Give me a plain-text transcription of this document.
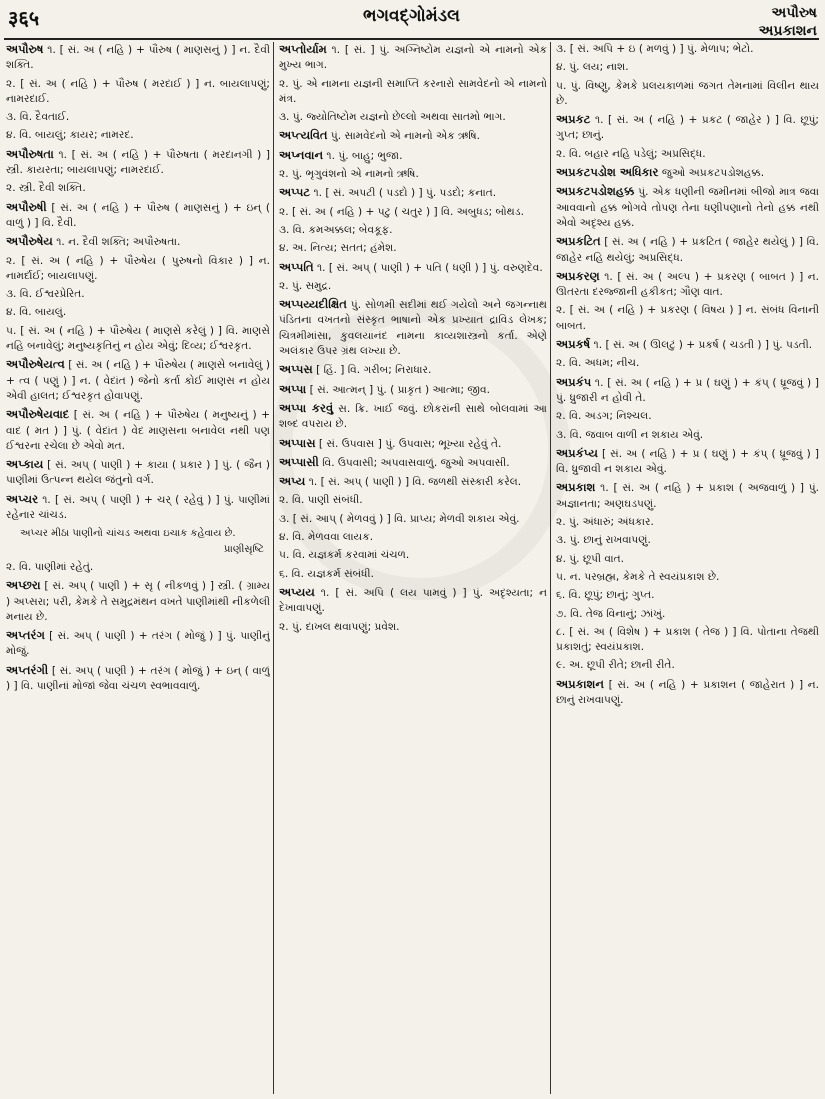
३६५	ભગવદ્ગોમંડલ	અપૌરુષ
અપ્રકાશન

અપૌરુષ ૧. [ સં. અ ( નહિ ) + પૌરુષ ( માણસનું ) ] ન. દૈવી શક્તિ.

૨. [ સં. અ ( નહિ ) + પૌરુષ ( મરદાઈ ) ] ન. બાયલાપણું; નામરદાઈ.

૩. વિ. દૈવતાઈ.

૪. વિ. બાયલું; કાયર; નામરદ.

અપૌરુષતા ૧. [ સં. અ ( નહિ ) + પૌરુષતા ( મરદાનગી ) ] સ્ત્રી. કાયરતા; બાયલાપણું; નામરદાઈ.

૨. સ્ત્રી. દૈવી શક્તિ.

અપૌરુષી [ સં. અ ( નહિ ) + પૌરુષ ( માણસનું ) + ઇન્ ( વાળું ) ] વિ. દૈવી.

અપૌરુષેય ૧. ન. દૈવી શક્તિ; અપૌરુષતા.

૨. [ સં. અ ( નહિ ) + પૌરુષેય ( પુરુષનો વિકાર ) ] ન. નામર્દાઈ; બાયલાપણું.

૩. વિ. ઈશ્વરપ્રેરિત.

૪. વિ. બાયલું.

૫. [ સં. અ ( નહિ ) + પૌરુષેય ( માણસે કરેલું ) ] વિ. માણસે નહિ બનાવેલું; મનુષ્યકૃતિનું ન હોય એવું; દિવ્ય; ઈશ્વરકૃત.

અપૌરુષેયત્વ [ સં. અ ( નહિ ) + પૌરુષેય ( માણસે બનાવેલું ) + ત્વ ( પણું ) ] ન. ( વેદાંત ) જેનો કર્તા કોઈ માણસ ન હોય એવી હાલત; ઈશ્વરકૃત હોવાપણું.

અપૌરુષેયવાદ [ સં. અ ( નહિ ) + પૌરુષેય ( મનુષ્યનું ) + વાદ ( મત ) ] પું. ( વેદાંત ) વેદ માણસના બનાવેલ નથી પણ ઈશ્વરના રચેલા છે એવો મત.

અપ્કાય [ સં. અપ્ ( પાણી ) + કાયા ( પ્રકાર ) ] પું. ( જૈન ) પાણીમાં ઉત્પન્ન થયેલ જંતુનો વર્ગ.

અપ્ચર ૧. [ સં. અપ્ ( પાણી ) + ચર્ ( રહેવું ) ] પું. પાણીમાં રહેનાર ચાંચડ.

અપ્ચર મીઠા પાણીનો ચાંચડ અથવા ઇચાક કહેવાય છે.
પ્રાણીસૃષ્ટિ

૨. વિ. પાણીમાં રહેતું.

અપ્છરા [ સં. અપ્ ( પાણી ) + સૃ ( નીકળવું ) ] સ્ત્રી. ( ગ્રામ્ય ) અપ્સરા; પરી, કેમકે તે સમુદ્રમંથન વખતે પાણીમાંથી નીકળેલી મનાય છે.

અપ્તરંગ [ સં. અપ્ ( પાણી ) + તરંગ ( મોજું ) ] પું. પાણીનું મોજું.

અપ્તરંગી [ સં. અપ્ ( પાણી ) + તરંગ ( મોજું ) + ઇન્ ( વાળું ) ] વિ. પાણીનાં મોજાં જેવા ચંચળ સ્વભાવવાળું.

અપ્તોર્યામ ૧. [ સં. ] પું. અગ્નિષ્ટોમ યજ્ઞનો એ નામનો એક મુખ્ય ભાગ.

૨. પું. એ નામના યજ્ઞની સમાપ્તિ કરનારો સામવેદનો એ નામનો મંત્ર.

૩. પું. જ્યોતિષ્ટોમ યજ્ઞનો છેલ્લો અથવા સાતમો ભાગ.

અપ્ત્યવિત પું. સામવેદનો એ નામનો એક ઋષિ.

અપ્નવાન ૧. પું. બાહુ; ભુજા.

૨. પું. ભૃગુવંશનો એ નામનો ઋષિ.

અપ્પટ ૧. [ સં. અપટી ( પડદો ) ] પું. પડદો; કનાત.

૨. [ સં. અ ( નહિ ) + પટુ ( ચતુર ) ] વિ. અબુધડ; બોથડ.

૩. વિ. કમઅક્કલ; બેવકૂફ.

૪. અ. નિત્ય; સતત; હંમેશ.

અપ્પતિ ૧. [ સં. અપ્ ( પાણી ) + પતિ ( ધણી ) ] પું. વરુણદેવ.

૨. પું. સમુદ્ર.

અપ્પય્યદીક્ષિત પું. સોળમી સદીમાં થઈ ગયેલો અને જગન્નાથ પંડિતના વખતનો સંસ્કૃત ભાષાનો એક પ્રખ્યાત દ્રાવિડ લેખક; ચિત્રમીમાંસા, કુવલયાનંદ નામના કાવ્યશાસ્ત્રનો કર્તા. એણે અલંકાર ઉપર ગ્રંથ લખ્યા છે.

અપ્પસ [ હિં. ] વિ. ગરીબ; નિરાધાર.

અપ્પા [ સં. આત્મન્ ] પું. ( પ્રાકૃત ) આત્મા; જીવ.

અપ્પા કરવું સ. ક્રિ. ખાઈ જવું. છોકરાંની સાથે બોલવામાં આ શબ્દ વપરાય છે.

અપ્પાસ [ સં. ઉપવાસ ] પું. ઉપવાસ; ભૂખ્યા રહેવું તે.

અપ્પાસી વિ. ઉપવાસી; અપવાસવાળું. જુઓ અપવાસી.

અપ્ય ૧. [ સં. અપ્ ( પાણી ) ] વિ. જળથી સંસ્કારી કરેલ.

૨. વિ. પાણી સંબંધી.

૩. [ સં. આપ્ ( મેળવવું ) ] વિ. પ્રાપ્ય; મેળવી શકાય એવું.

૪. વિ. મેળવવા લાયક.

૫. વિ. યજ્ઞકર્મ કરવામાં ચંચળ.

૬. વિ. યજ્ઞકર્મ સંબંધી.

અપ્યય ૧. [ સં. અપિ ( લય પામવું ) ] પું. અદૃશ્યતા; ન દેખાવાપણું.

૨. પું. દાખલ થવાપણું; પ્રવેશ.

૩. [ સં. અપિ + ઇ ( મળવું ) ] પું. મેળાપ; ભેટો.

૪. પું. લય; નાશ.

૫. પું. વિષ્ણુ, કેમકે પ્રલયકાળમાં જગત તેમનામાં વિલીન થાય છે.

અપ્રકટ ૧. [ સં. અ ( નહિ ) + પ્રકટ ( જાહેર ) ] વિ. છૂપું; ગુપ્ત; છાનું.

૨. વિ. બહાર નહિ પડેલું; અપ્રસિદ્ધ.

અપ્રકટપડોશ અધિકાર જુઓ અપ્રકટપડોશહક્ક.

અપ્રકટપડોશહક્ક પું. એક ધણીની જમીનમાં બીજો માત્ર જવા આવવાનો હક્ક ભોગવે તોપણ તેના ધણીપણાનો તેનો હક્ક નથી એવો અદૃશ્ય હક્ક.

અપ્રકટિત [ સં. અ ( નહિ ) + પ્રકટિત ( જાહેર થયેલું ) ] વિ. જાહેર નહિ થયેલું; અપ્રસિદ્ધ.

અપ્રકરણ ૧. [ સં. અ ( અલ્પ ) + પ્રકરણ ( બાબત ) ] ન. ઊતરતા દરજ્જાની હકીકત; ગૌણ વાત.

૨. [ સં. અ ( નહિ ) + પ્રકરણ ( વિષય ) ] ન. સંબંધ વિનાની બાબત.

અપ્રકર્ષ ૧. [ સં. અ ( ઊલટું ) + પ્રકર્ષ ( ચડતી ) ] પું. પડતી.

૨. વિ. અધમ; નીચ.

અપ્રકંપ ૧. [ સં. અ ( નહિ ) + પ્ર ( ઘણું ) + કંપ્ ( ધ્રૂજવું ) ] પું. ધ્રુજારી ન હોવી તે.

૨. વિ. અડગ; નિશ્ચલ.

૩. વિ. જવાબ વાળી ન શકાય એવું.

અપ્રકંપ્ય [ સં. અ ( નહિ ) + પ્ર ( ઘણું ) + કંપ્ ( ધ્રૂજવું ) ] વિ. ધ્રુજાવી ન શકાય એવું.

અપ્રકાશ ૧. [ સં. અ ( નહિ ) + પ્રકાશ ( અજવાળું ) ] પું. અજ્ઞાનતા; અણઘડપણું.

૨. પું. અંધારું; અંધકાર.

૩. પું. છાનું રાખવાપણું.

૪. પું. છૂપી વાત.

૫. ન. પરબ્રહ્મ, કેમકે તે સ્વયંપ્રકાશ છે.

૬. વિ. છૂપું; છાનું; ગુપ્ત.

૭. વિ. તેજ વિનાનું; ઝાંખું.

૮. [ સં. અ ( વિશેષ ) + પ્રકાશ ( તેજ ) ] વિ. પોતાના તેજથી પ્રકાશતું; સ્વયંપ્રકાશ.

૯. અ. છૂપી રીતે; છાની રીતે.

અપ્રકાશન [ સં. અ ( નહિ ) + પ્રકાશન ( જાહેરાત ) ] ન. છાનું રાખવાપણું.
